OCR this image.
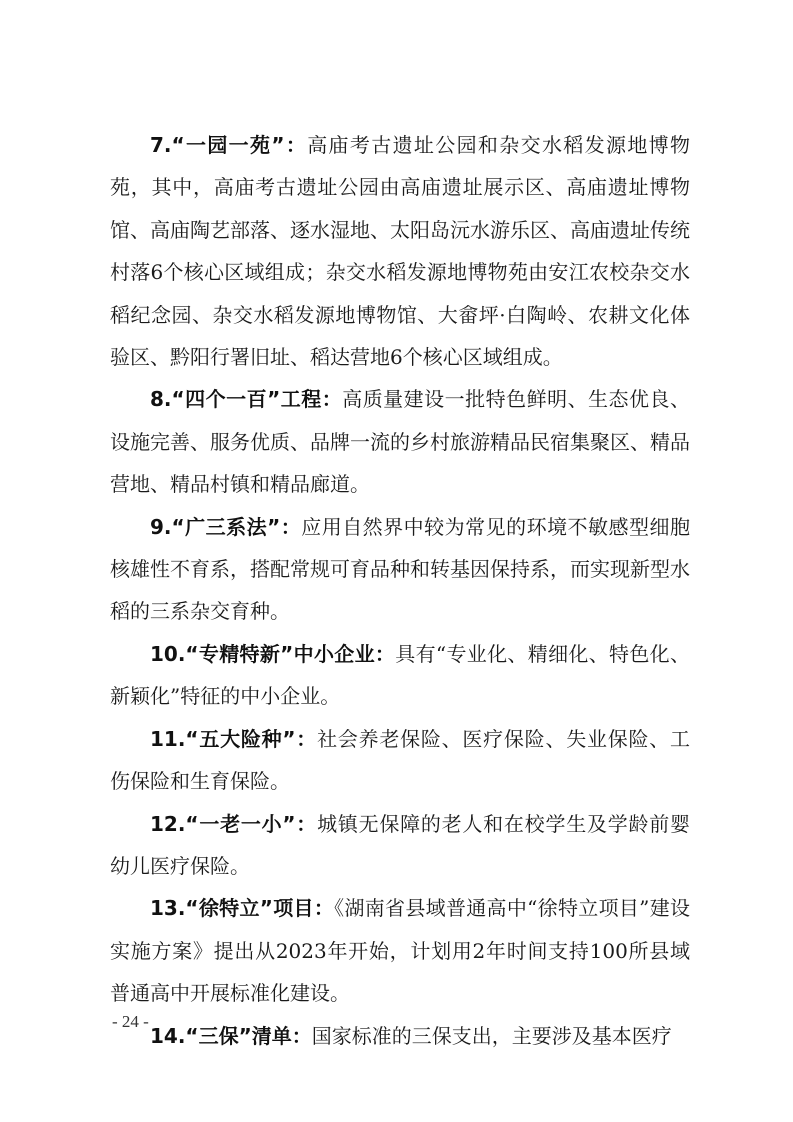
7.“一园一苑”：高庙考古遗址公园和杂交水稻发源地博物苑，其中，高庙考古遗址公园由高庙遗址展示区、高庙遗址博物馆、高庙陶艺部落、逐水湿地、太阳岛沅水游乐区、高庙遗址传统村落6个核心区域组成；杂交水稻发源地博物苑由安江农校杂交水稻纪念园、杂交水稻发源地博物馆、大畲坪·白陶岭、农耕文化体验区、黔阳行署旧址、稻达营地6个核心区域组成。

8.“四个一百”工程：高质量建设一批特色鲜明、生态优良、设施完善、服务优质、品牌一流的乡村旅游精品民宿集聚区、精品营地、精品村镇和精品廊道。

9.“广三系法”：应用自然界中较为常见的环境不敏感型细胞核雄性不育系，搭配常规可育品种和转基因保持系，而实现新型水稻的三系杂交育种。

10.“专精特新”中小企业：具有“专业化、精细化、特色化、新颖化”特征的中小企业。

11.“五大险种”：社会养老保险、医疗保险、失业保险、工伤保险和生育保险。

12.“一老一小”：城镇无保障的老人和在校学生及学龄前婴幼儿医疗保险。

13.“徐特立”项目：《湖南省县域普通高中“徐特立项目”建设实施方案》提出从2023年开始，计划用2年时间支持100所县域普通高中开展标准化建设。

14.“三保”清单：国家标准的三保支出，主要涉及基本医疗

- 24 -
